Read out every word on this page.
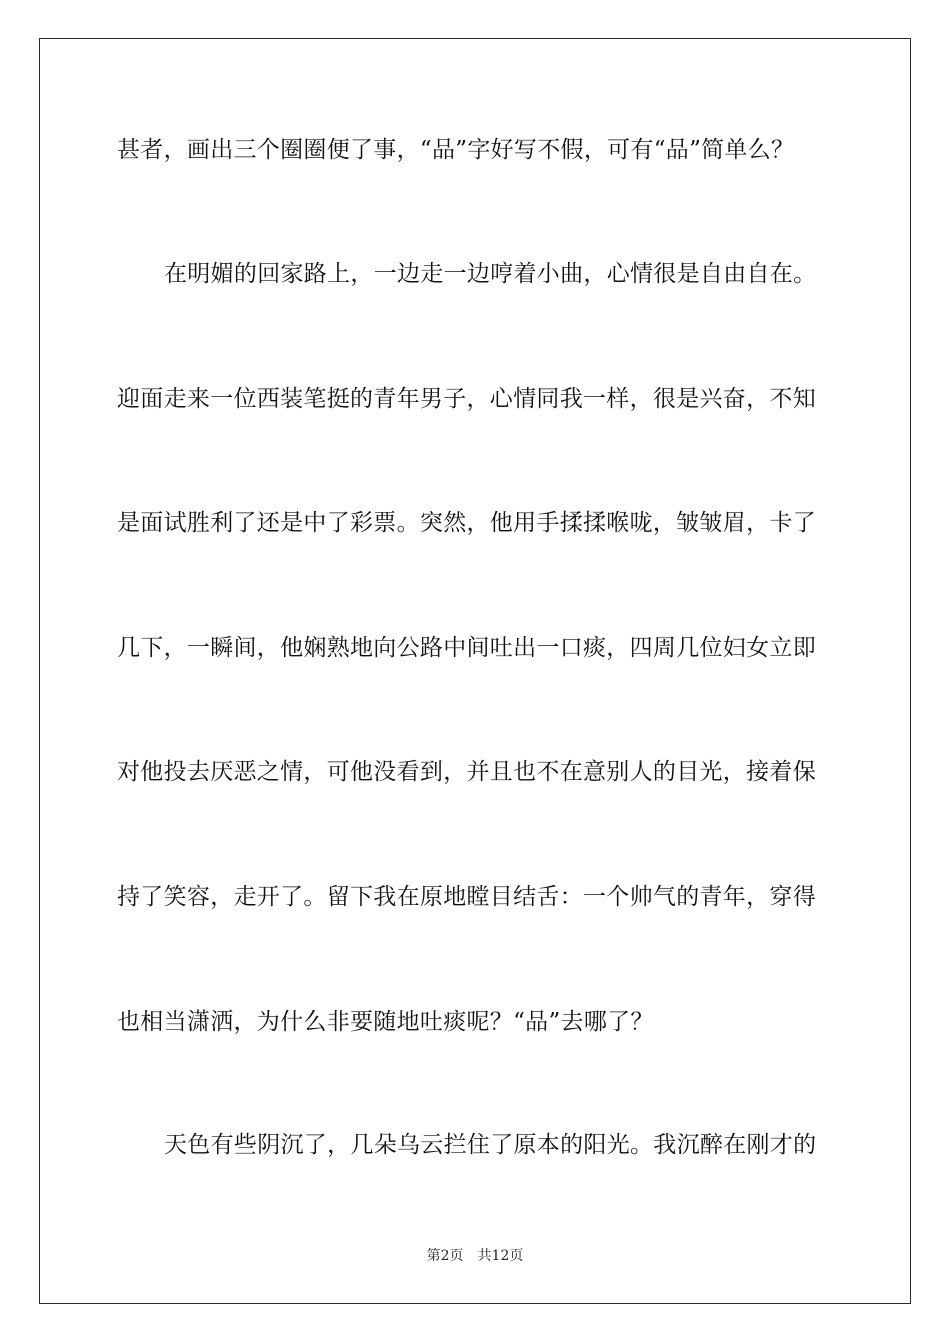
甚者，画出三个圈圈便了事，“品”字好写不假，可有“品”简单么？
在明媚的回家路上，一边走一边哼着小曲，心情很是自由自在。
迎面走来一位西装笔挺的青年男子，心情同我一样，很是兴奋，不知
是面试胜利了还是中了彩票。突然，他用手揉揉喉咙，皱皱眉，卡了
几下，一瞬间，他娴熟地向公路中间吐出一口痰，四周几位妇女立即
对他投去厌恶之情，可他没看到，并且也不在意别人的目光，接着保
持了笑容，走开了。留下我在原地瞠目结舌：一个帅气的青年，穿得
也相当潇洒，为什么非要随地吐痰呢？“品”去哪了？
天色有些阴沉了，几朵乌云拦住了原本的阳光。我沉醉在刚才的
第2页 共12页
